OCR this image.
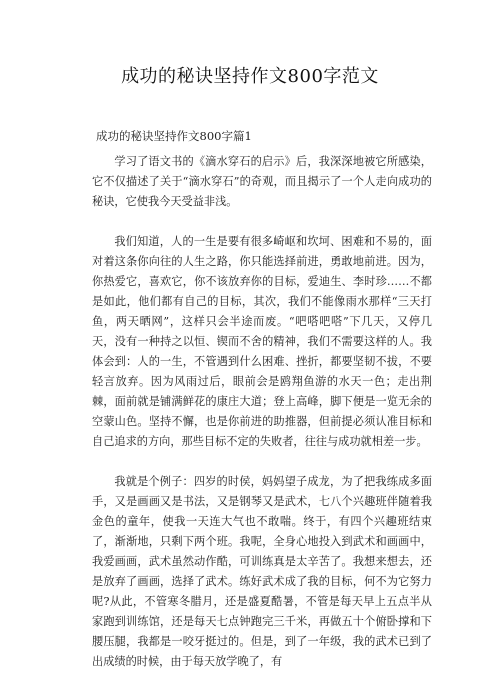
成功的秘诀坚持作文800字范文
成功的秘诀坚持作文800字篇1

学习了语文书的《滴水穿石的启示》后，我深深地被它所感染，它不仅描述了关于“滴水穿石”的奇观，而且揭示了一个人走向成功的秘诀，它使我今天受益非浅。

我们知道，人的一生是要有很多崎岖和坎坷、困难和不易的，面对着这条你向往的人生之路，你只能选择前进，勇敢地前进。因为，你热爱它，喜欢它，你不该放弃你的目标，爱迪生、李时珍……不都是如此，他们都有自己的目标，其次，我们不能像雨水那样“三天打鱼，两天晒网”，这样只会半途而废。“吧嗒吧嗒”下几天，又停几天，没有一种持之以恒、锲而不舍的精神，我们不需要这样的人。我体会到：人的一生，不管遇到什么困难、挫折，都要坚韧不拔，不要轻言放弃。因为风雨过后，眼前会是鸥翔鱼游的水天一色；走出荆棘，面前就是铺满鲜花的康庄大道；登上高峰，脚下便是一览无余的空蒙山色。坚持不懈，也是你前进的助推器，但前提必须认准目标和自己追求的方向，那些目标不定的失败者，往往与成功就相差一步。

我就是个例子：四岁的时侯，妈妈望子成龙，为了把我练成多面手，又是画画又是书法，又是钢琴又是武术，七八个兴趣班伴随着我金色的童年，使我一天连大气也不敢喘。终于，有四个兴趣班结束了，渐渐地，只剩下两个班。我呢，全身心地投入到武术和画画中，我爱画画，武术虽然动作酷，可训练真是太辛苦了。我想来想去，还是放弃了画画，选择了武术。练好武术成了我的目标，何不为它努力呢?从此，不管寒冬腊月，还是盛夏酷暑，不管是每天早上五点半从家跑到训练馆，还是每天七点钟跑完三千米，再做五十个俯卧撑和下腰压腿，我都是一咬牙挺过的。但是，到了一年级，我的武术已到了出成绩的时候，由于每天放学晚了，有
